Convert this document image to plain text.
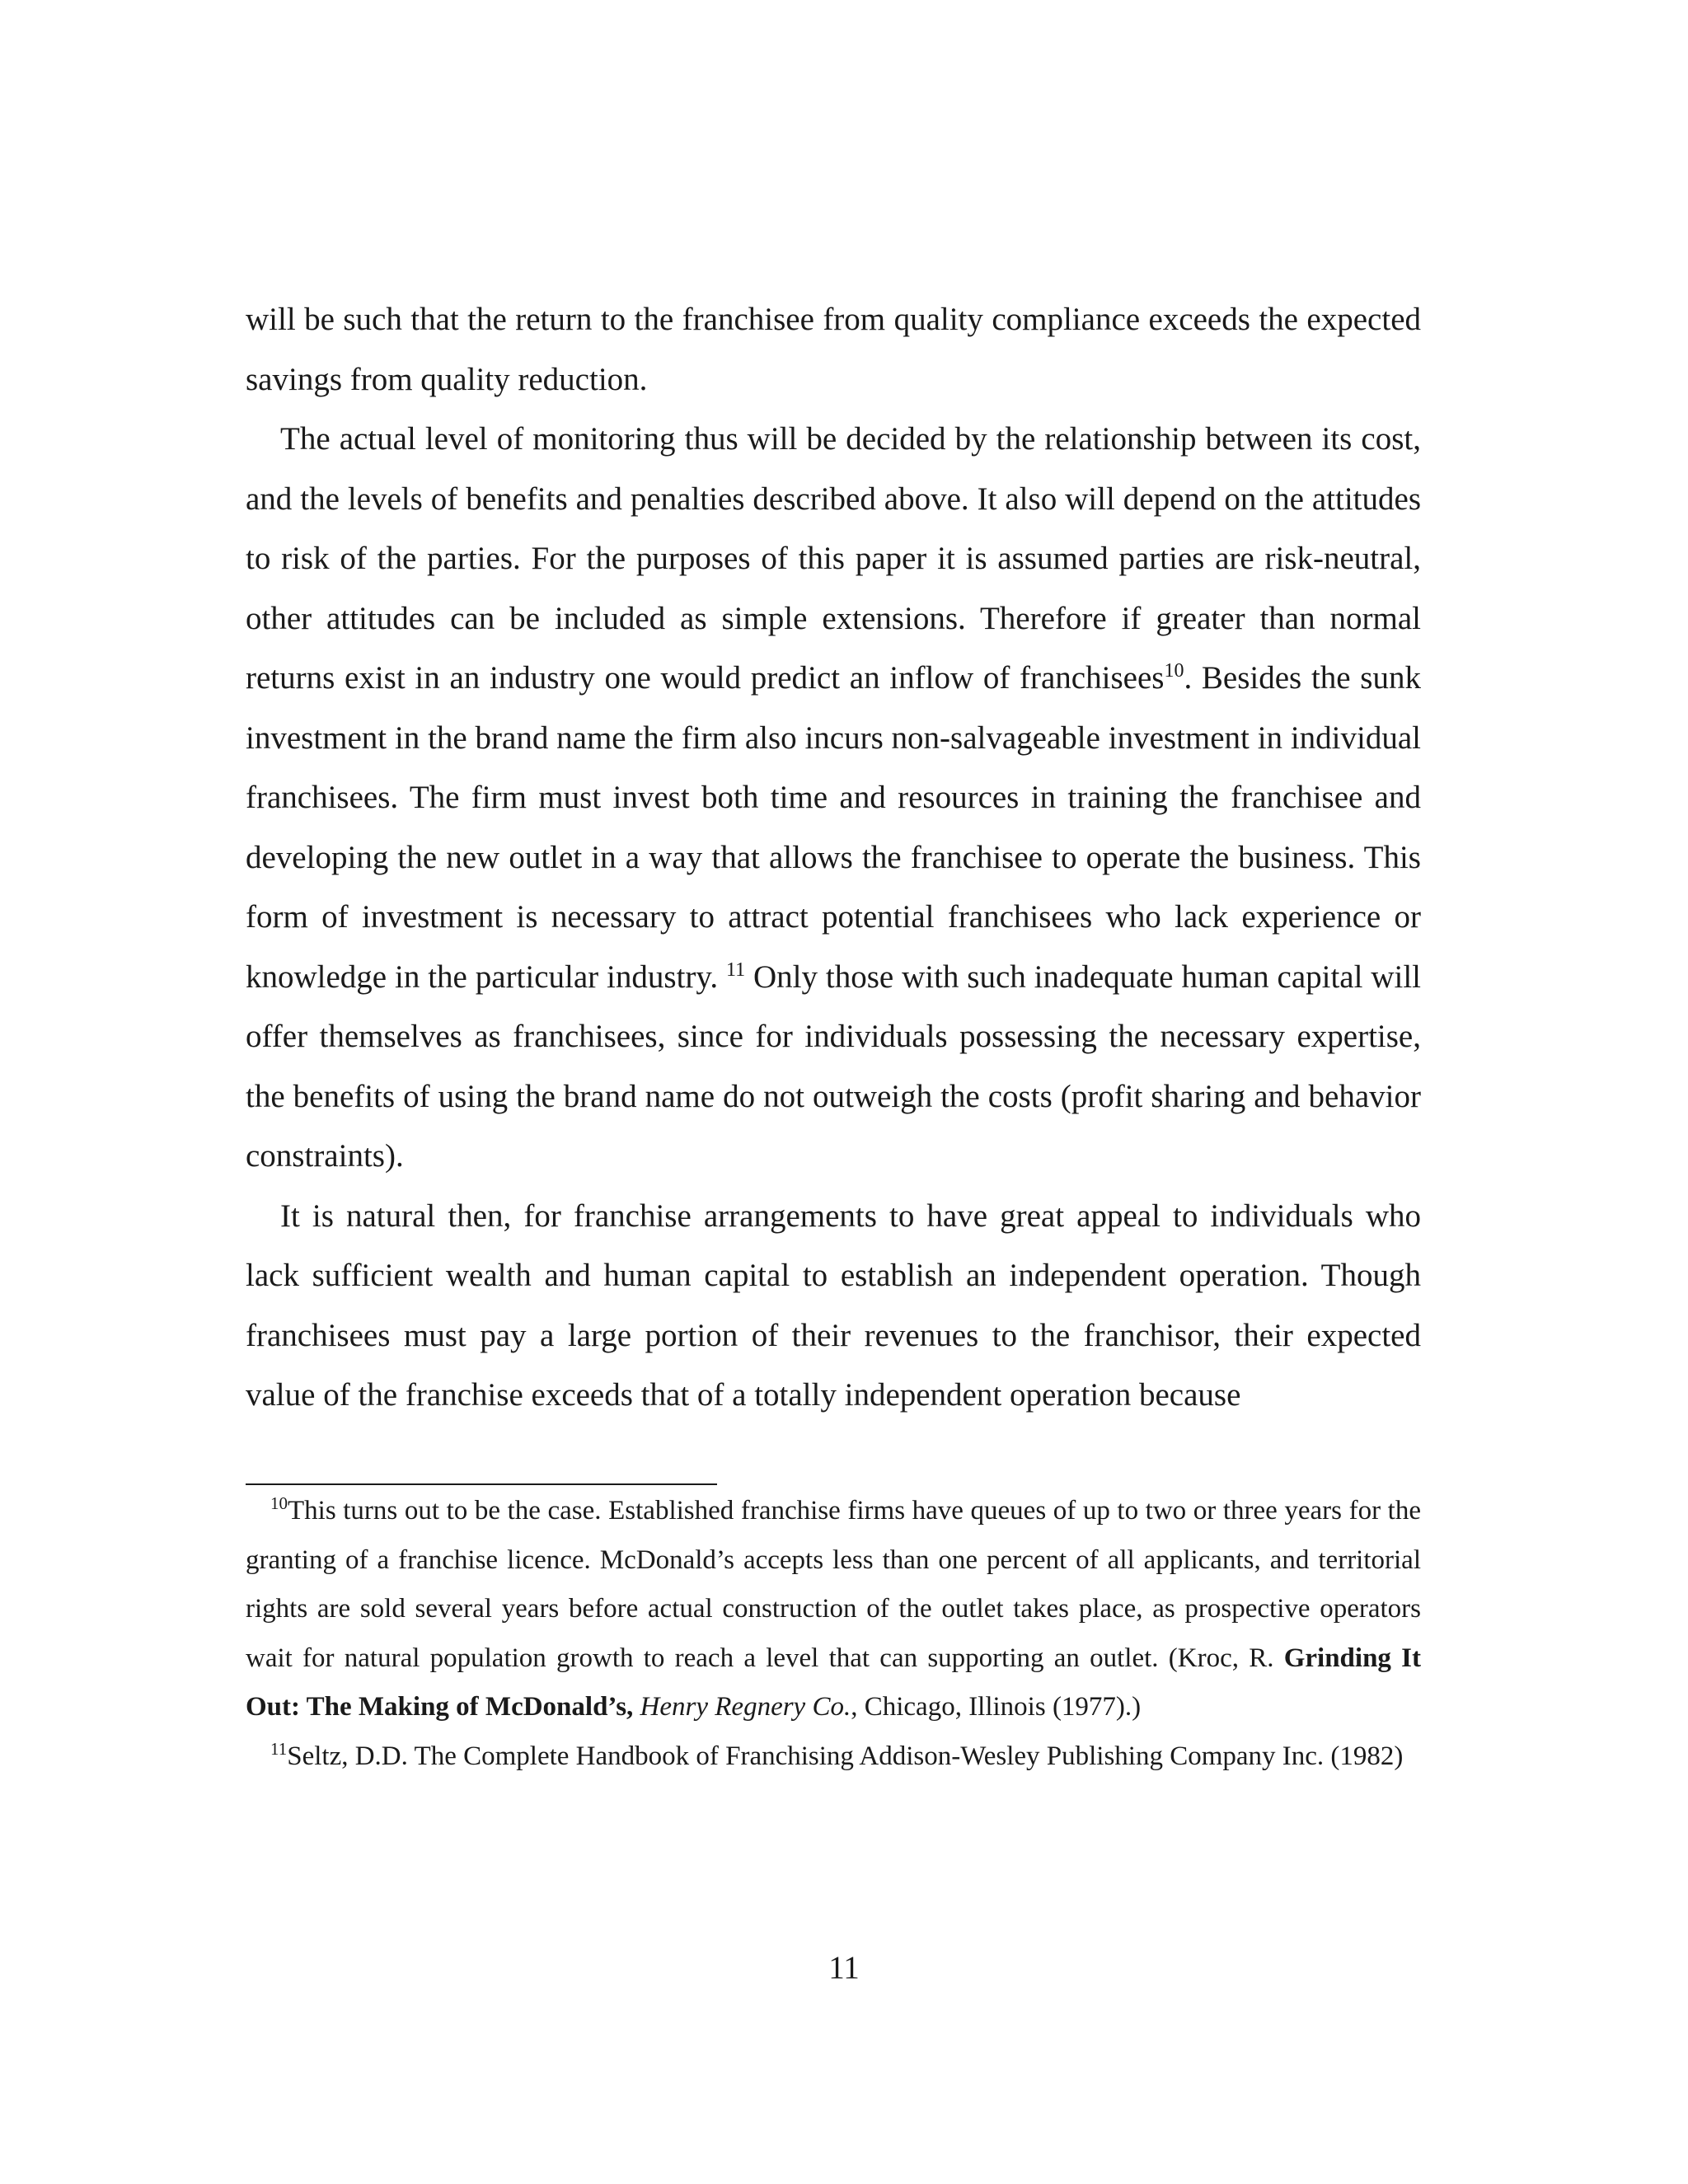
will be such that the return to the franchisee from quality compliance exceeds the expected savings from quality reduction.

The actual level of monitoring thus will be decided by the relationship between its cost, and the levels of benefits and penalties described above. It also will depend on the attitudes to risk of the parties. For the purposes of this paper it is assumed parties are risk-neutral, other attitudes can be included as simple extensions. Therefore if greater than normal returns exist in an industry one would predict an inflow of franchisees$^{10}$. Besides the sunk investment in the brand name the firm also incurs non-salvageable investment in individual franchisees. The firm must invest both time and resources in training the franchisee and developing the new outlet in a way that allows the franchisee to operate the business. This form of investment is necessary to attract potential franchisees who lack experience or knowledge in the particular industry. $^{11}$ Only those with such inadequate human capital will offer themselves as franchisees, since for individuals possessing the necessary expertise, the benefits of using the brand name do not outweigh the costs (profit sharing and behavior constraints).

It is natural then, for franchise arrangements to have great appeal to individuals who lack sufficient wealth and human capital to establish an independent operation. Though franchisees must pay a large portion of their revenues to the franchisor, their expected value of the franchise exceeds that of a totally independent operation because

$^{10}$This turns out to be the case. Established franchise firms have queues of up to two or three years for the granting of a franchise licence. McDonald’s accepts less than one percent of all applicants, and territorial rights are sold several years before actual construction of the outlet takes place, as prospective operators wait for natural population growth to reach a level that can supporting an outlet. (Kroc, R. Grinding It Out: The Making of McDonald’s, Henry Regnery Co., Chicago, Illinois (1977).)

$^{11}$Seltz, D.D. The Complete Handbook of Franchising Addison-Wesley Publishing Company Inc. (1982)

11
